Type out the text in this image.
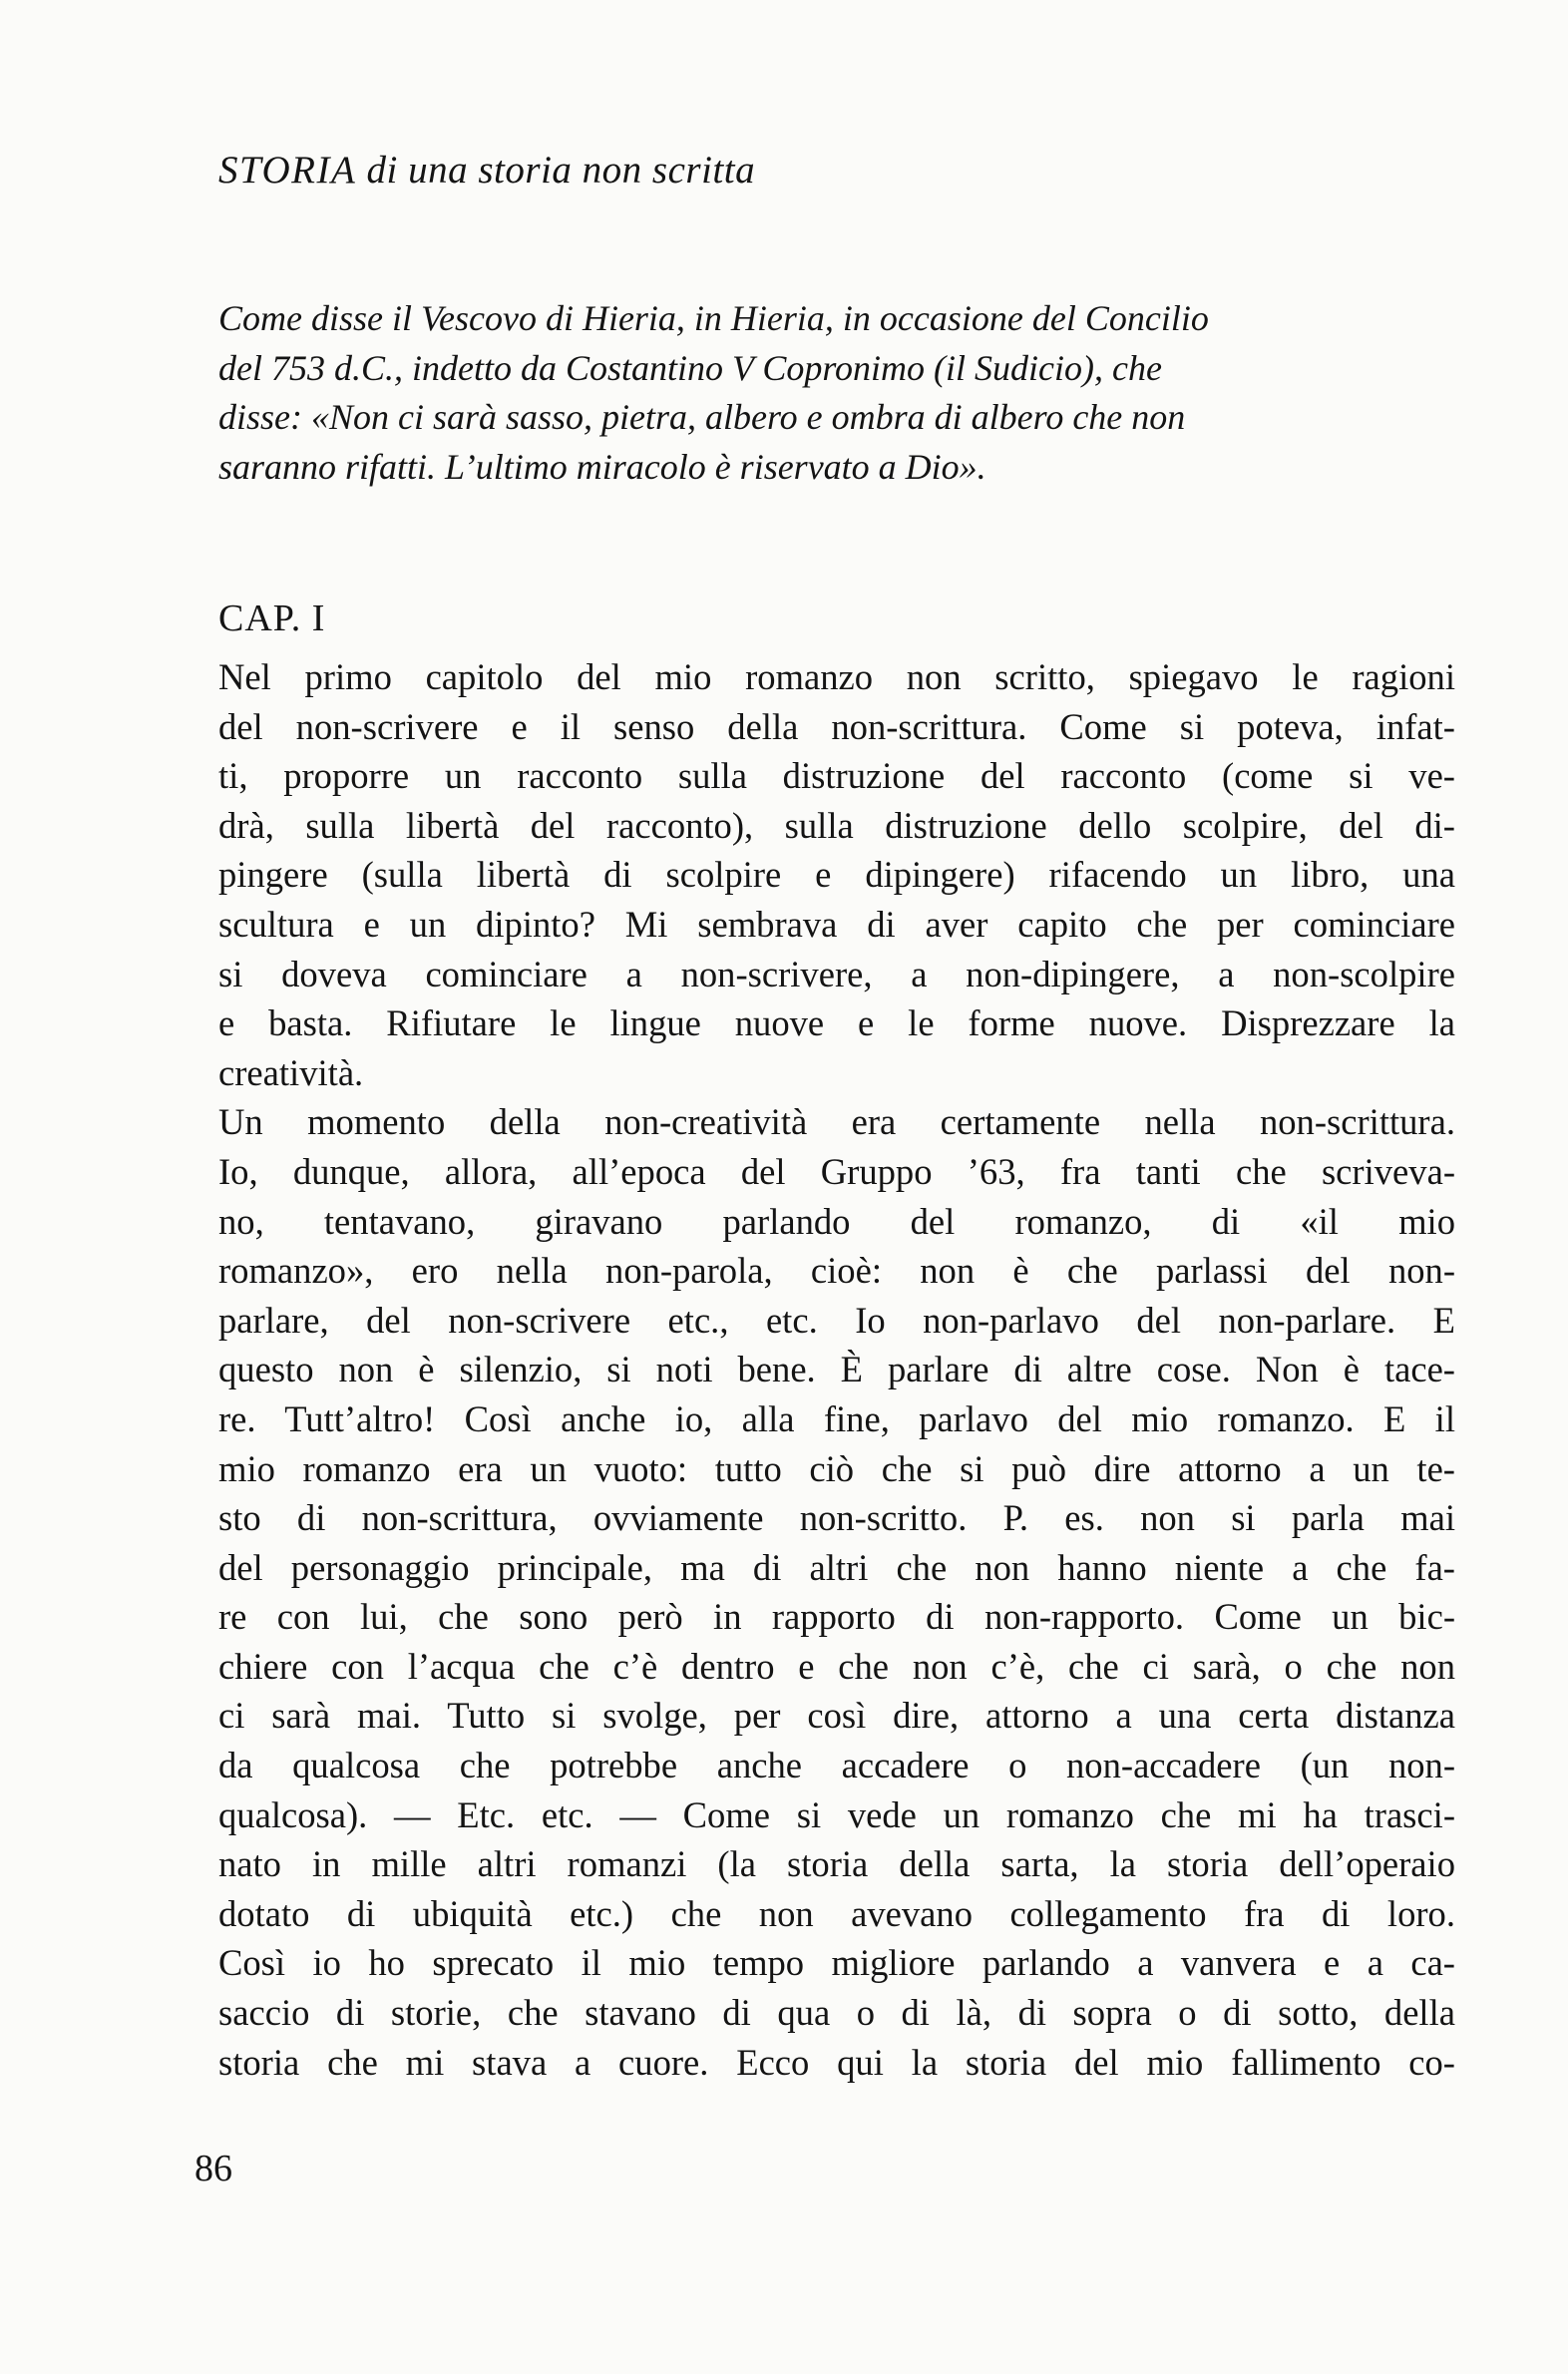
STORIA di una storia non scritta
Come disse il Vescovo di Hieria, in Hieria, in occasione del Concilio
del 753 d.C., indetto da Costantino V Copronimo (il Sudicio), che
disse: «Non ci sarà sasso, pietra, albero e ombra di albero che non
saranno rifatti. L’ultimo miracolo è riservato a Dio».
CAP. I
Nel primo capitolo del mio romanzo non scritto, spiegavo le ragioni
del non-scrivere e il senso della non-scrittura. Come si poteva, infat-
ti, proporre un racconto sulla distruzione del racconto (come si ve-
drà, sulla libertà del racconto), sulla distruzione dello scolpire, del di-
pingere (sulla libertà di scolpire e dipingere) rifacendo un libro, una
scultura e un dipinto? Mi sembrava di aver capito che per cominciare
si doveva cominciare a non-scrivere, a non-dipingere, a non-scolpire
e basta. Rifiutare le lingue nuove e le forme nuove. Disprezzare la
creatività.
Un momento della non-creatività era certamente nella non-scrittura.
Io, dunque, allora, all’epoca del Gruppo ’63, fra tanti che scriveva-
no, tentavano, giravano parlando del romanzo, di «il mio
romanzo», ero nella non-parola, cioè: non è che parlassi del non-
parlare, del non-scrivere etc., etc. Io non-parlavo del non-parlare. E
questo non è silenzio, si noti bene. È parlare di altre cose. Non è tace-
re. Tutt’altro! Così anche io, alla fine, parlavo del mio romanzo. E il
mio romanzo era un vuoto: tutto ciò che si può dire attorno a un te-
sto di non-scrittura, ovviamente non-scritto. P. es. non si parla mai
del personaggio principale, ma di altri che non hanno niente a che fa-
re con lui, che sono però in rapporto di non-rapporto. Come un bic-
chiere con l’acqua che c’è dentro e che non c’è, che ci sarà, o che non
ci sarà mai. Tutto si svolge, per così dire, attorno a una certa distanza
da qualcosa che potrebbe anche accadere o non-accadere (un non-
qualcosa). — Etc. etc. — Come si vede un romanzo che mi ha trasci-
nato in mille altri romanzi (la storia della sarta, la storia dell’operaio
dotato di ubiquità etc.) che non avevano collegamento fra di loro.
Così io ho sprecato il mio tempo migliore parlando a vanvera e a ca-
saccio di storie, che stavano di qua o di là, di sopra o di sotto, della
storia che mi stava a cuore. Ecco qui la storia del mio fallimento co-
86
